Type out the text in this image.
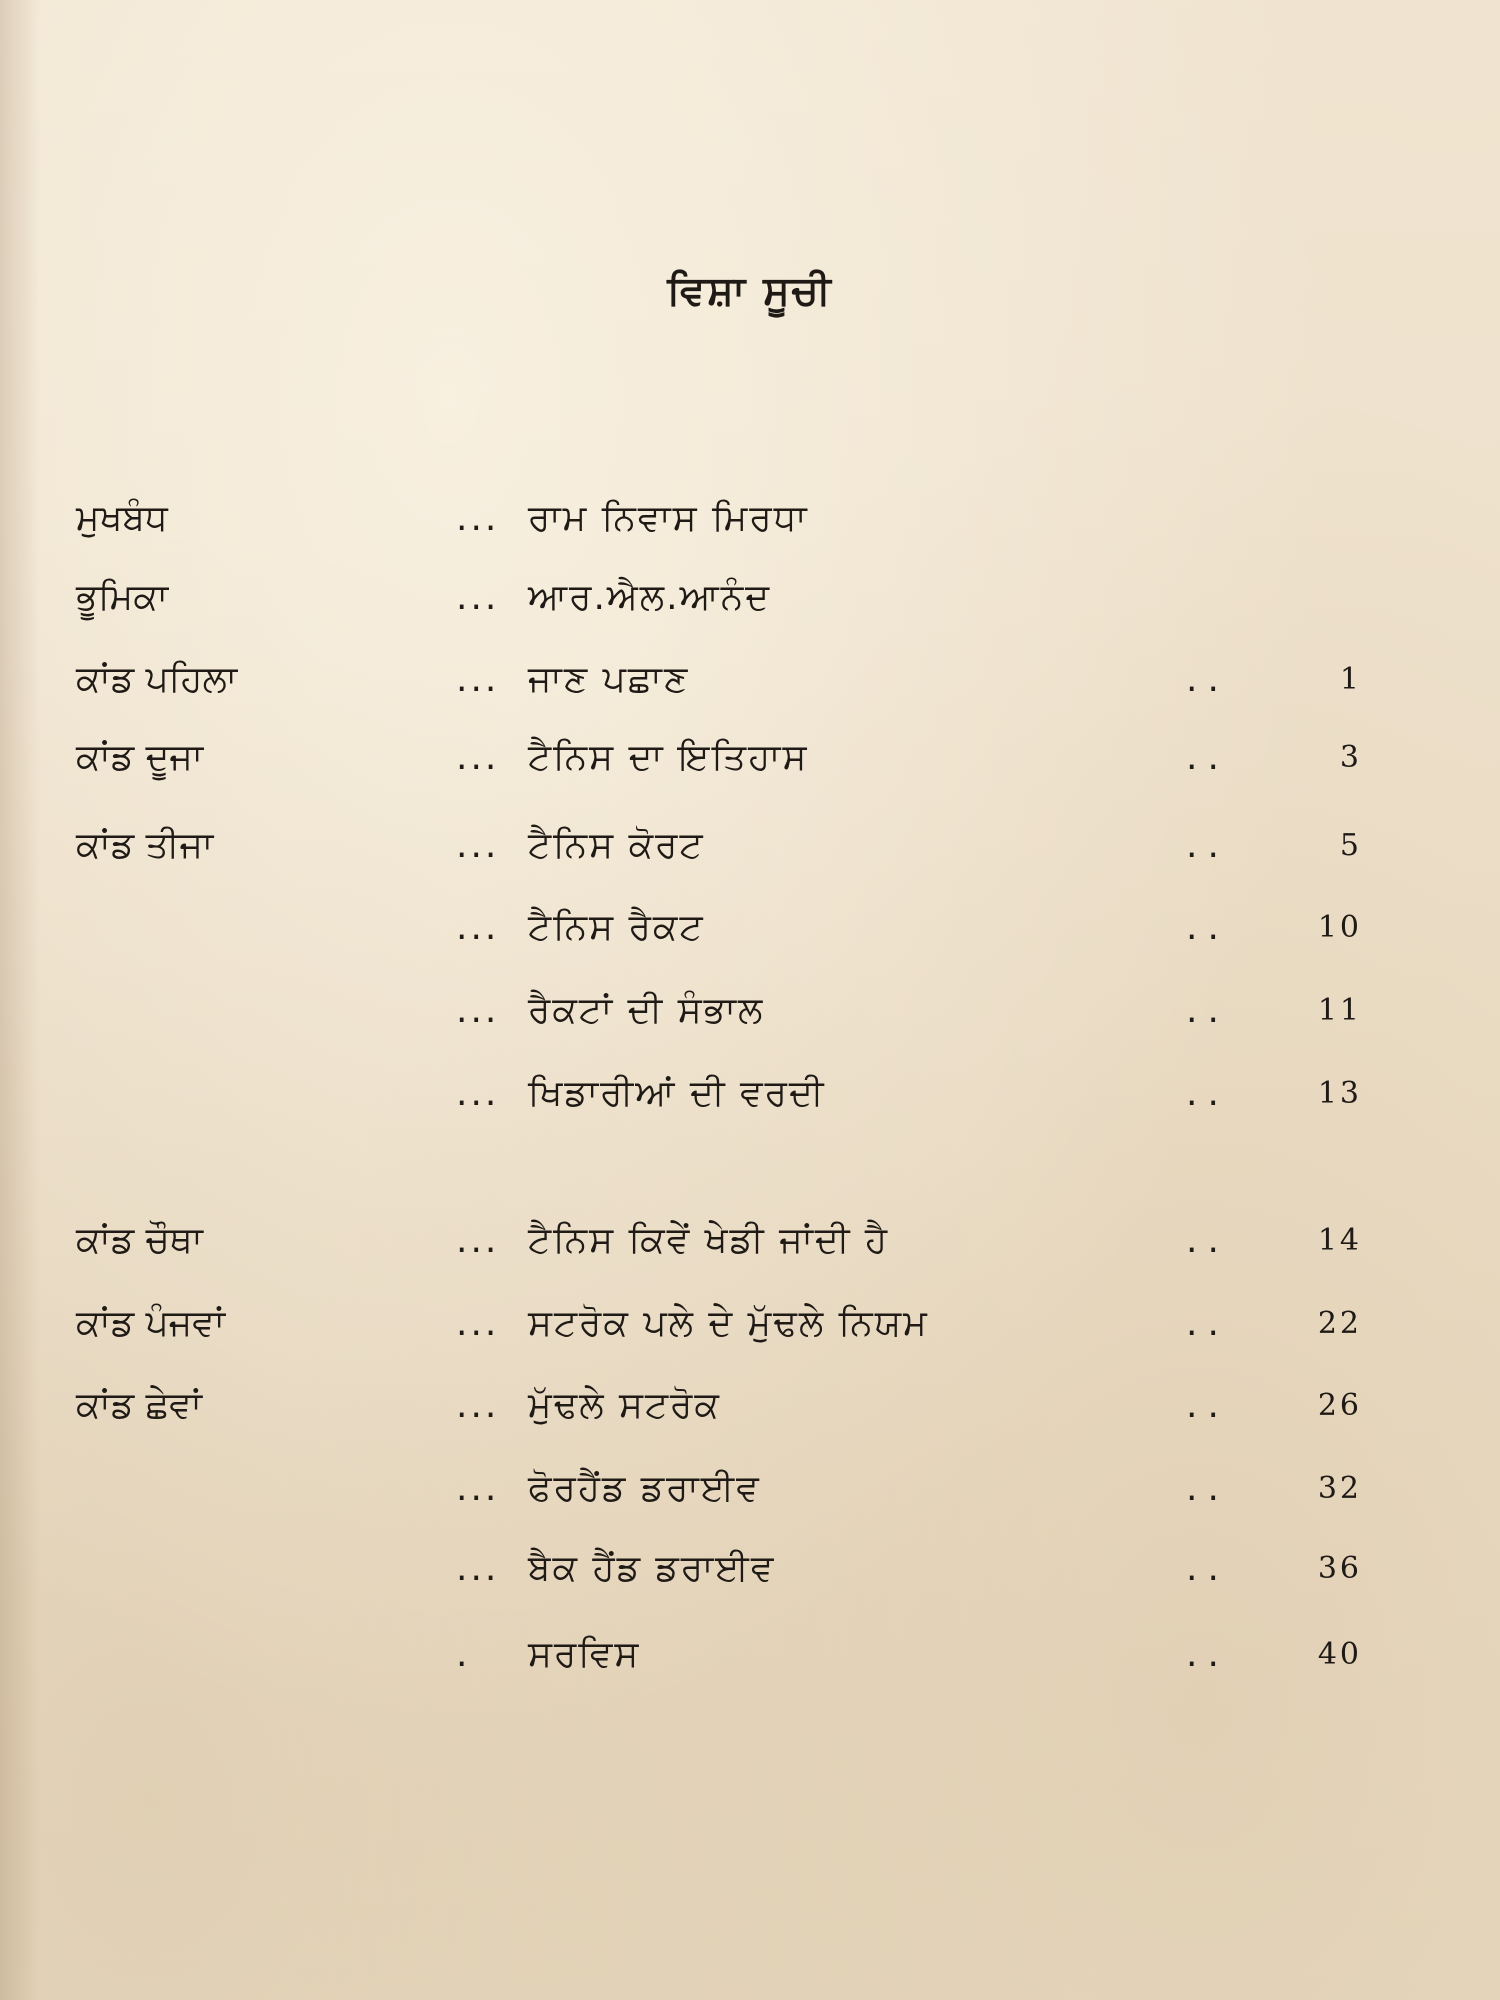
ਵਿਸ਼ਾ ਸੂਚੀ
ਮੁਖਬੰਧ	... ਰਾਮ ਨਿਵਾਸ ਮਿਰਧਾ
ਭੂਮਿਕਾ	... ਆਰ.ਐਲ.ਆਨੰਦ
ਕਾਂਡ ਪਹਿਲਾ	... ਜਾਣ ਪਛਾਣ	..	1
ਕਾਂਡ ਦੂਜਾ	... ਟੈਨਿਸ ਦਾ ਇਤਿਹਾਸ	..	3
ਕਾਂਡ ਤੀਜਾ	... ਟੈਨਿਸ ਕੋਰਟ	..	5
... ਟੈਨਿਸ ਰੈਕਟ	..	10
... ਰੈਕਟਾਂ ਦੀ ਸੰਭਾਲ	..	11
... ਖਿਡਾਰੀਆਂ ਦੀ ਵਰਦੀ	..	13
ਕਾਂਡ ਚੌਥਾ	... ਟੈਨਿਸ ਕਿਵੇਂ ਖੇਡੀ ਜਾਂਦੀ ਹੈ	..	14
ਕਾਂਡ ਪੰਜਵਾਂ	... ਸਟਰੋਕ ਪਲੇ ਦੇ ਮੁੱਢਲੇ ਨਿਯਮ	..	22
ਕਾਂਡ ਛੇਵਾਂ	... ਮੁੱਢਲੇ ਸਟਰੋਕ	..	26
... ਫੋਰਹੈਂਡ ਡਰਾਈਵ	..	32
... ਬੈਕ ਹੈਂਡ ਡਰਾਈਵ	..	36
. ਸਰਵਿਸ	..	40
